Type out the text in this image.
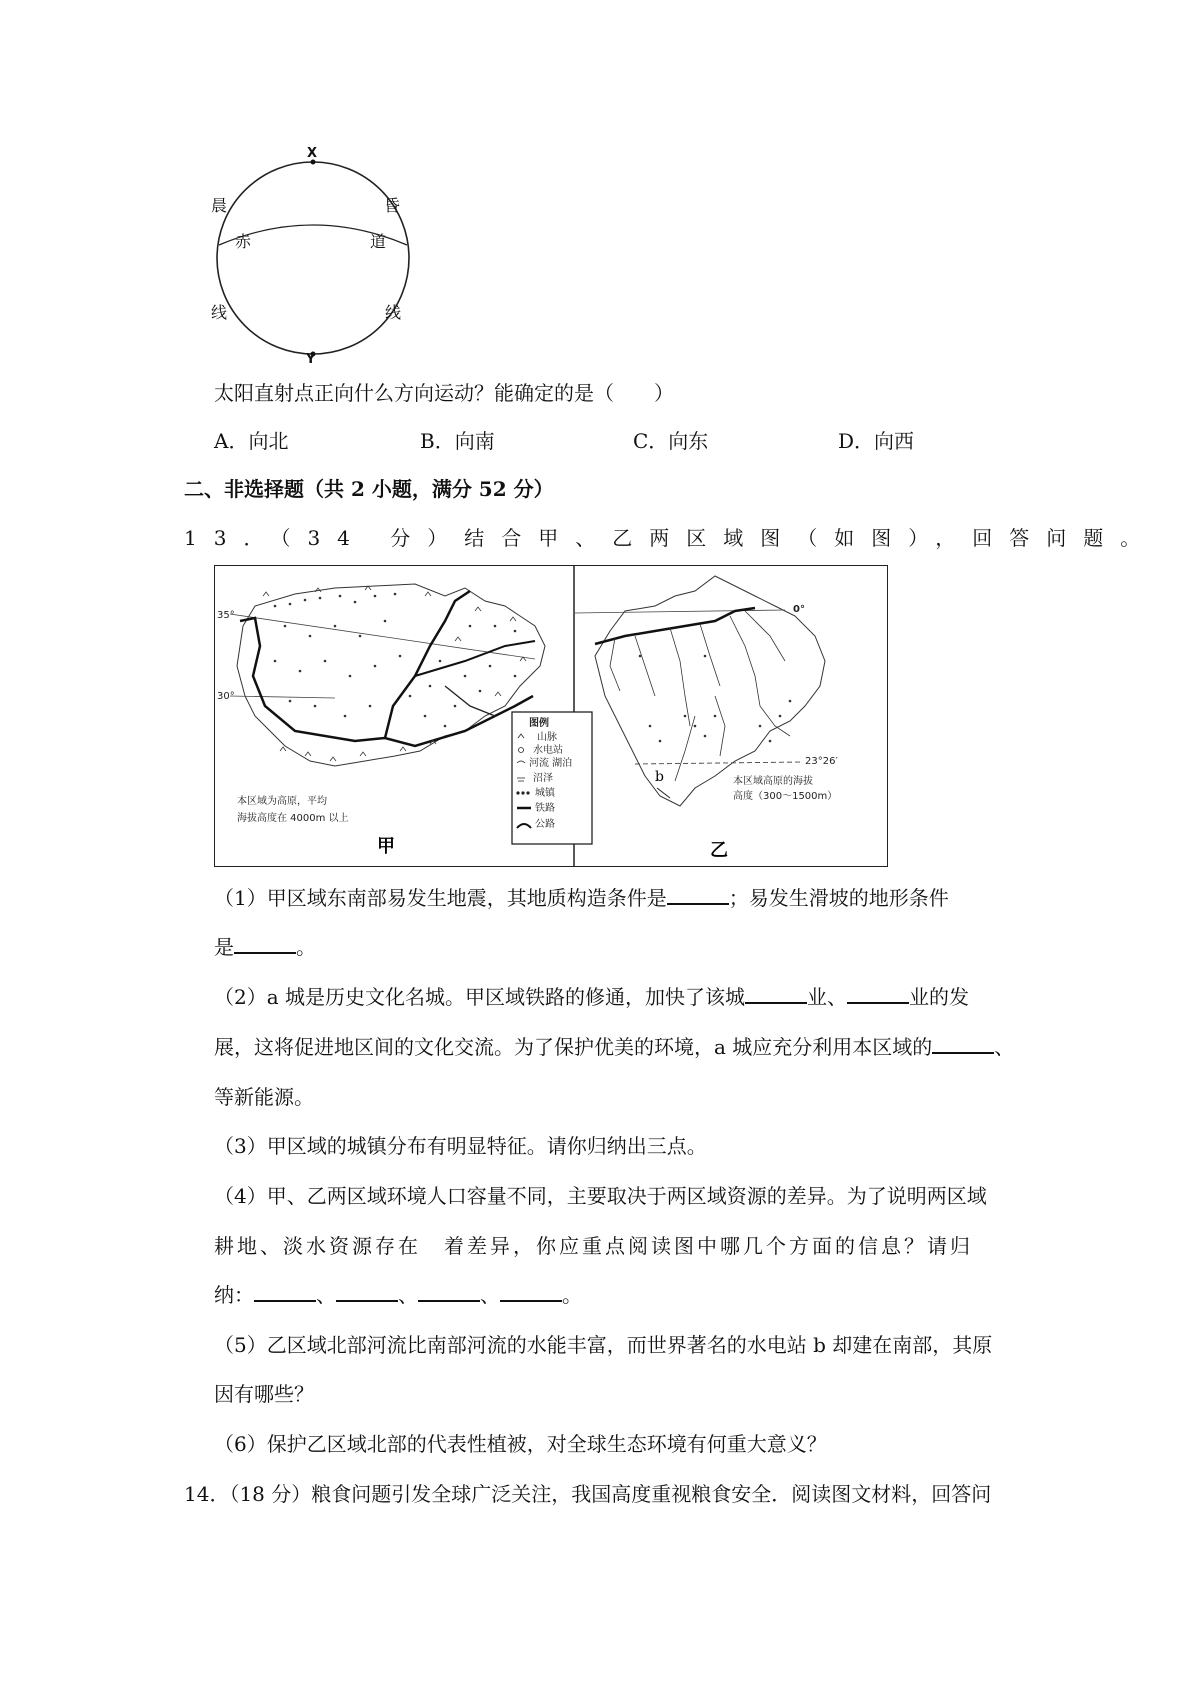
X
Y
晨
线
昏
线
赤	道
太阳直射点正向什么方向运动？能确定的是（　　）
A．向北	B．向南	C．向东	D．向西
二、非选择题（共 2 小题，满分 52 分）
13．（34 分）结合甲、乙两区域图（如图），回答问题。
35°
30°
本区域为高原，平均
海拔高度在 4000m 以上
甲
图例
山脉
水电站
河流 湖泊
沼泽
城镇
铁路
公路
0°
23°26′
b	本区域高原的海拔
高度（300～1500m）
乙
（1）甲区域东南部易发生地震，其地质构造条件是	；易发生滑坡的地形条件
是	。
（2）a 城是历史文化名城。甲区域铁路的修通，加快了该城	业、	业的发
展，这将促进地区间的文化交流。为了保护优美的环境，a 城应充分利用本区域的	、
等新能源。
（3）甲区域的城镇分布有明显特征。请你归纳出三点。
（4）甲、乙两区域环境人口容量不同，主要取决于两区域资源的差异。为了说明两区域
耕地、淡水资源存在　着差异，你应重点阅读图中哪几个方面的信息？请归
纳：	、	、	、	。
（5）乙区域北部河流比南部河流的水能丰富，而世界著名的水电站 b 却建在南部，其原
因有哪些？
（6）保护乙区域北部的代表性植被，对全球生态环境有何重大意义？
14．（18 分）粮食问题引发全球广泛关注，我国高度重视粮食安全．阅读图文材料，回答问
